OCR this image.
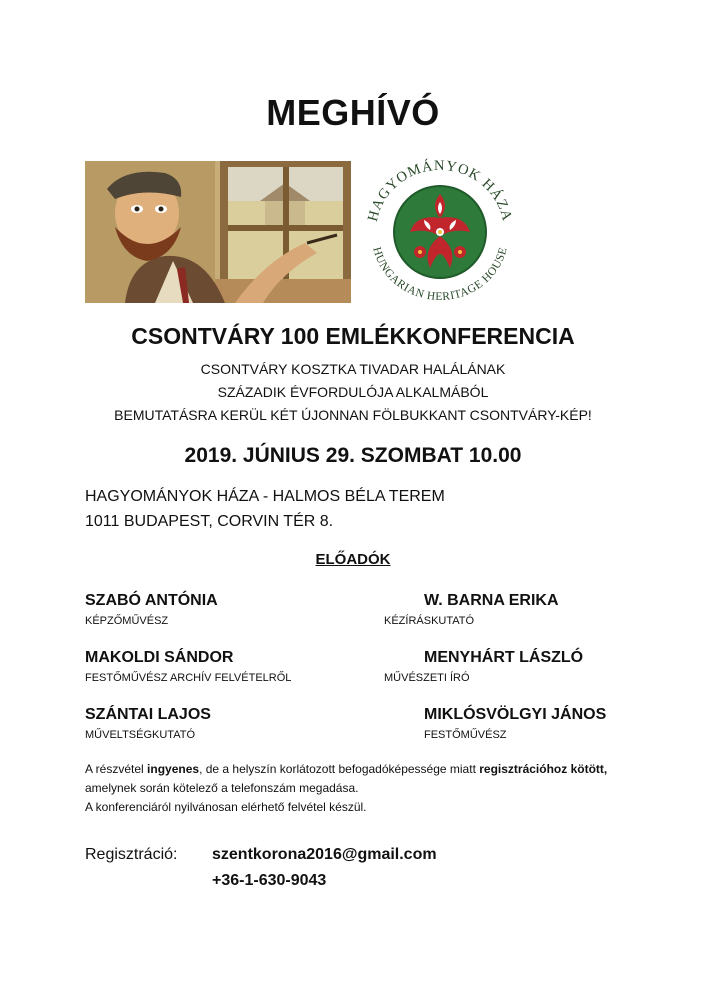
MEGHÍVÓ
HAGYOMÁNYOK HÁZA
HUNGARIAN HERITAGE HOUSE
CSONTVÁRY 100 EMLÉKKONFERENCIA
CSONTVÁRY KOSZTKA TIVADAR HALÁLÁNAK
SZÁZADIK ÉVFORDULÓJA ALKALMÁBÓL
BEMUTATÁSRA KERÜL KÉT ÚJONNAN FÖLBUKKANT CSONTVÁRY-KÉP!
2019. JÚNIUS 29. SZOMBAT 10.00
HAGYOMÁNYOK HÁZA - HALMOS BÉLA TEREM
1011 BUDAPEST, CORVIN TÉR 8.
ELŐADÓK
SZABÓ ANTÓNIA
KÉPZŐMŰVÉSZ
W. BARNA ERIKA
KÉZÍRÁSKUTATÓ
MAKOLDI SÁNDOR
FESTŐMŰVÉSZ ARCHÍV FELVÉTELRŐL
MENYHÁRT LÁSZLÓ
MŰVÉSZETI ÍRÓ
SZÁNTAI LAJOS
MŰVELTSÉGKUTATÓ
MIKLÓSVÖLGYI JÁNOS
FESTŐMŰVÉSZ
A részvétel ingyenes, de a helyszín korlátozott befogadóképessége miatt regisztrációhoz kötött, amelynek során kötelező a telefonszám megadása.
A konferenciáról nyilvánosan elérhető felvétel készül.
Regisztráció: szentkorona2016@gmail.com
+36-1-630-9043
